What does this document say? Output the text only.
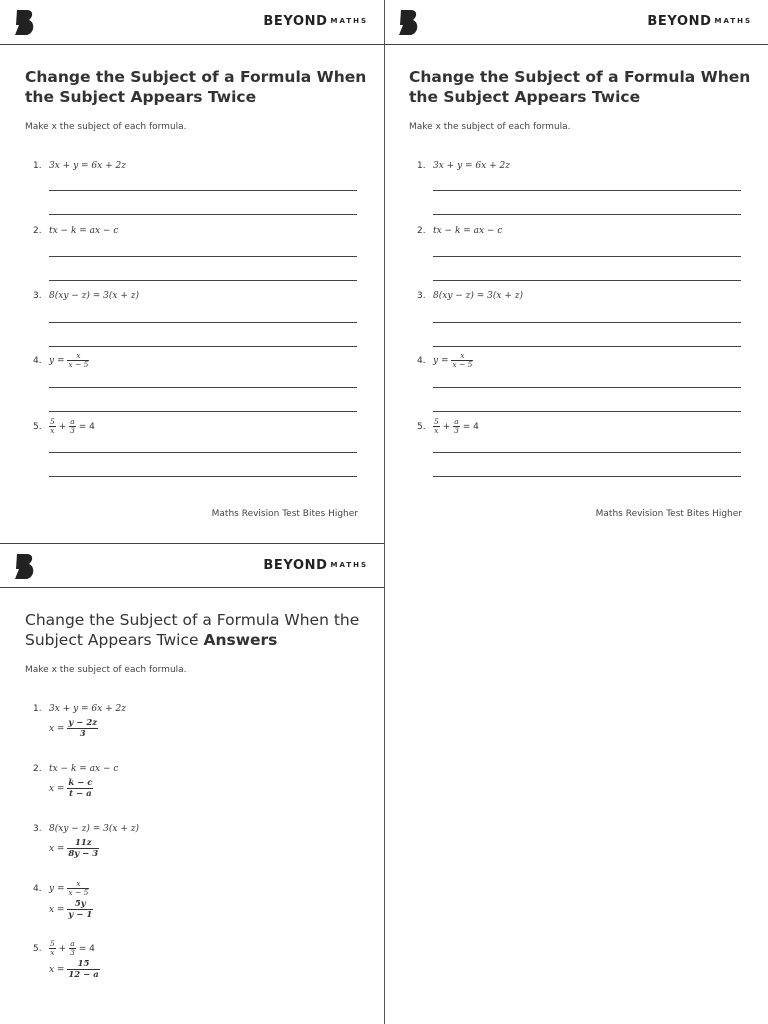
BEYOND MATHS
Change the Subject of a Formula When the Subject Appears Twice
Make x the subject of each formula.
1. 3x + y = 6x + 2z
2. tx − k = ax − c
3. 8(xy − z) = 3(x + z)
4. $y = \frac{x}{x - 5}$
5. $\frac{5}{x} + \frac{a}{3} = 4$
Maths Revision Test Bites Higher
BEYOND MATHS
Change the Subject of a Formula When the Subject Appears Twice
Make x the subject of each formula.
1. 3x + y = 6x + 2z
2. tx − k = ax − c
3. 8(xy − z) = 3(x + z)
4. $y = \frac{x}{x - 5}$
5. $\frac{5}{x} + \frac{a}{3} = 4$
Maths Revision Test Bites Higher
BEYOND MATHS
Change the Subject of a Formula When the Subject Appears Twice Answers
Make x the subject of each formula.
1. 3x + y = 6x + 2z
$x = \frac{y - 2z}{3}$
2. tx − k = ax − c
$x = \frac{k - c}{t - a}$
3. 8(xy − z) = 3(x + z)
$x = \frac{11z}{8y - 3}$
4. $y = \frac{x}{x - 5}$
$x = \frac{5y}{y - 1}$
5. $\frac{5}{x} + \frac{a}{3} = 4$
$x = \frac{15}{12 - a}$
